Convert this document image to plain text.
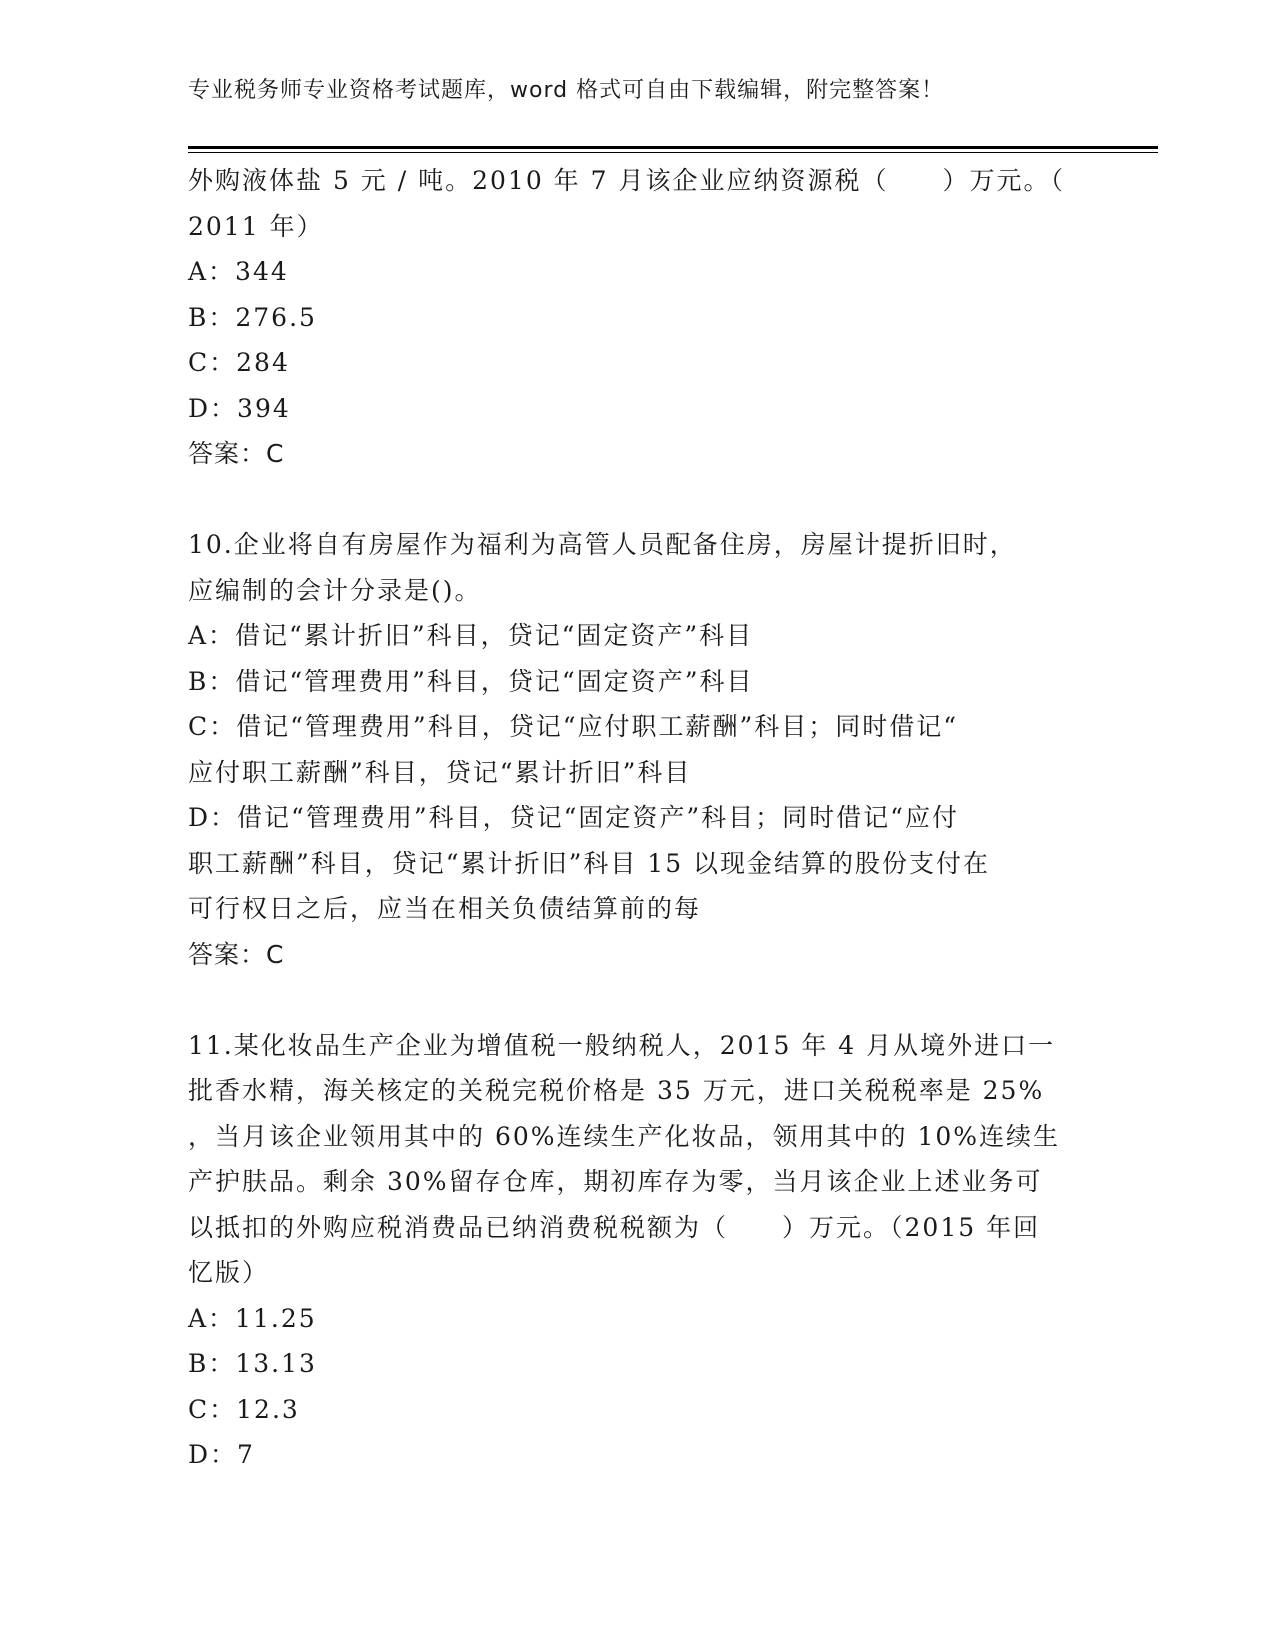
专业税务师专业资格考试题库，word 格式可自由下载编辑，附完整答案！
外购液体盐 5 元 / 吨。2010 年 7 月该企业应纳资源税（　　）万元。（
2011 年）
A：344
B：276.5
C：284
D：394
答案：C
10.企业将自有房屋作为福利为高管人员配备住房，房屋计提折旧时，
应编制的会计分录是()。
A：借记“累计折旧”科目，贷记“固定资产”科目
B：借记“管理费用”科目，贷记“固定资产”科目
C：借记“管理费用”科目，贷记“应付职工薪酬”科目；同时借记“
应付职工薪酬”科目，贷记“累计折旧”科目
D：借记“管理费用”科目，贷记“固定资产”科目；同时借记“应付
职工薪酬”科目，贷记“累计折旧”科目 15 以现金结算的股份支付在
可行权日之后，应当在相关负债结算前的每
答案：C
11.某化妆品生产企业为增值税一般纳税人，2015 年 4 月从境外进口一
批香水精，海关核定的关税完税价格是 35 万元，进口关税税率是 25%
，当月该企业领用其中的 60%连续生产化妆品，领用其中的 10%连续生
产护肤品。剩余 30%留存仓库，期初库存为零，当月该企业上述业务可
以抵扣的外购应税消费品已纳消费税税额为（　　）万元。（2015 年回
忆版）
A：11.25
B：13.13
C：12.3
D：7
